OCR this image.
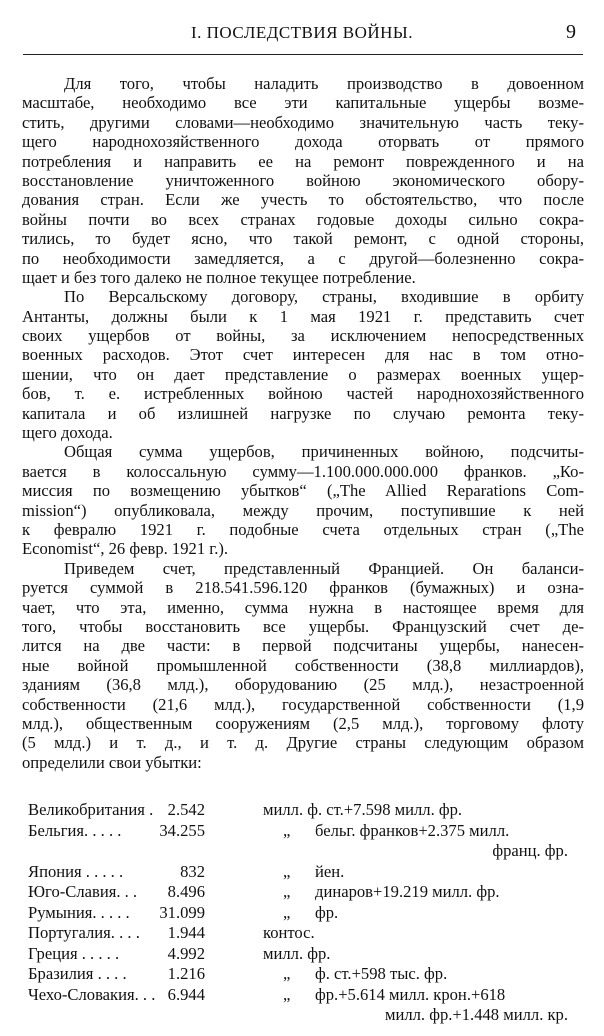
I. ПОСЛЕДСТВИЯ ВОЙНЫ.	9
Для того, чтобы наладить производство в довоенном
масштабе, необходимо все эти капитальные ущербы возме-
стить, другими словами—необходимо значительную часть теку-
щего народнохозяйственного дохода оторвать от прямого
потребления и направить ее на ремонт поврежденного и на
восстановление уничтоженного войною экономического обору-
дования стран. Если же учесть то обстоятельство, что после
войны почти во всех странах годовые доходы сильно сокра-
тились, то будет ясно, что такой ремонт, с одной стороны,
по необходимости замедляется, а с другой—болезненно сокра-
щает и без того далеко не полное текущее потребление.
По Версальскому договору, страны, входившие в орбиту
Антанты, должны были к 1 мая 1921 г. представить счет
своих ущербов от войны, за исключением непосредственных
военных расходов. Этот счет интересен для нас в том отно-
шении, что он дает представление о размерах военных ущер-
бов, т. е. истребленных войною частей народнохозяйственного
капитала и об излишней нагрузке по случаю ремонта теку-
щего дохода.
Общая сумма ущербов, причиненных войною, подсчиты-
вается в колоссальную сумму—1.100.000.000.000 франков. „Ко-
миссия по возмещению убытков“ („The Allied Reparations Com-
mission“) опубликовала, между прочим, поступившие к ней
к февралю 1921 г. подобные счета отдельных стран („The
Economist“, 26 февр. 1921 г.).
Приведем счет, представленный Францией. Он баланси-
руется суммой в 218.541.596.120 франков (бумажных) и озна-
чает, что эта, именно, сумма нужна в настоящее время для
того, чтобы восстановить все ущербы. Французский счет де-
лится на две части: в первой подсчитаны ущербы, нанесен-
ные войной промышленной собственности (38,8 миллиардов),
зданиям (36,8 млд.), оборудованию (25 млд.), незастроенной
собственности (21,6 млд.), государственной собственности (1,9
млд.), общественным сооружениям (2,5 млд.), торговому флоту
(5 млд.) и т. д., и т. д. Другие страны следующим образом
определили свои убытки:
Великобритания . 2.542	милл. ф. ст.+7.598 милл. фр.
Бельгия. . . . . 34.255	„ бельг. франков+2.375 милл.
франц. фр.
Япония . . . . .	832	„ йен.
Юго-Славия. . . 8.496	„ динаров+19.219 милл. фр.
Румыния. . . . . 31.099	„ фр.
Португалия. . . . 1.944	контос.
Греция . . . . .	4.992	милл. фр.
Бразилия . . . . 1.216	„ ф. ст.+598 тыс. фр.
Чехо-Словакия. . . 6.944	„ фр.+5.614 милл. крон.+618
милл. фр.+1.448 милл. кр.
